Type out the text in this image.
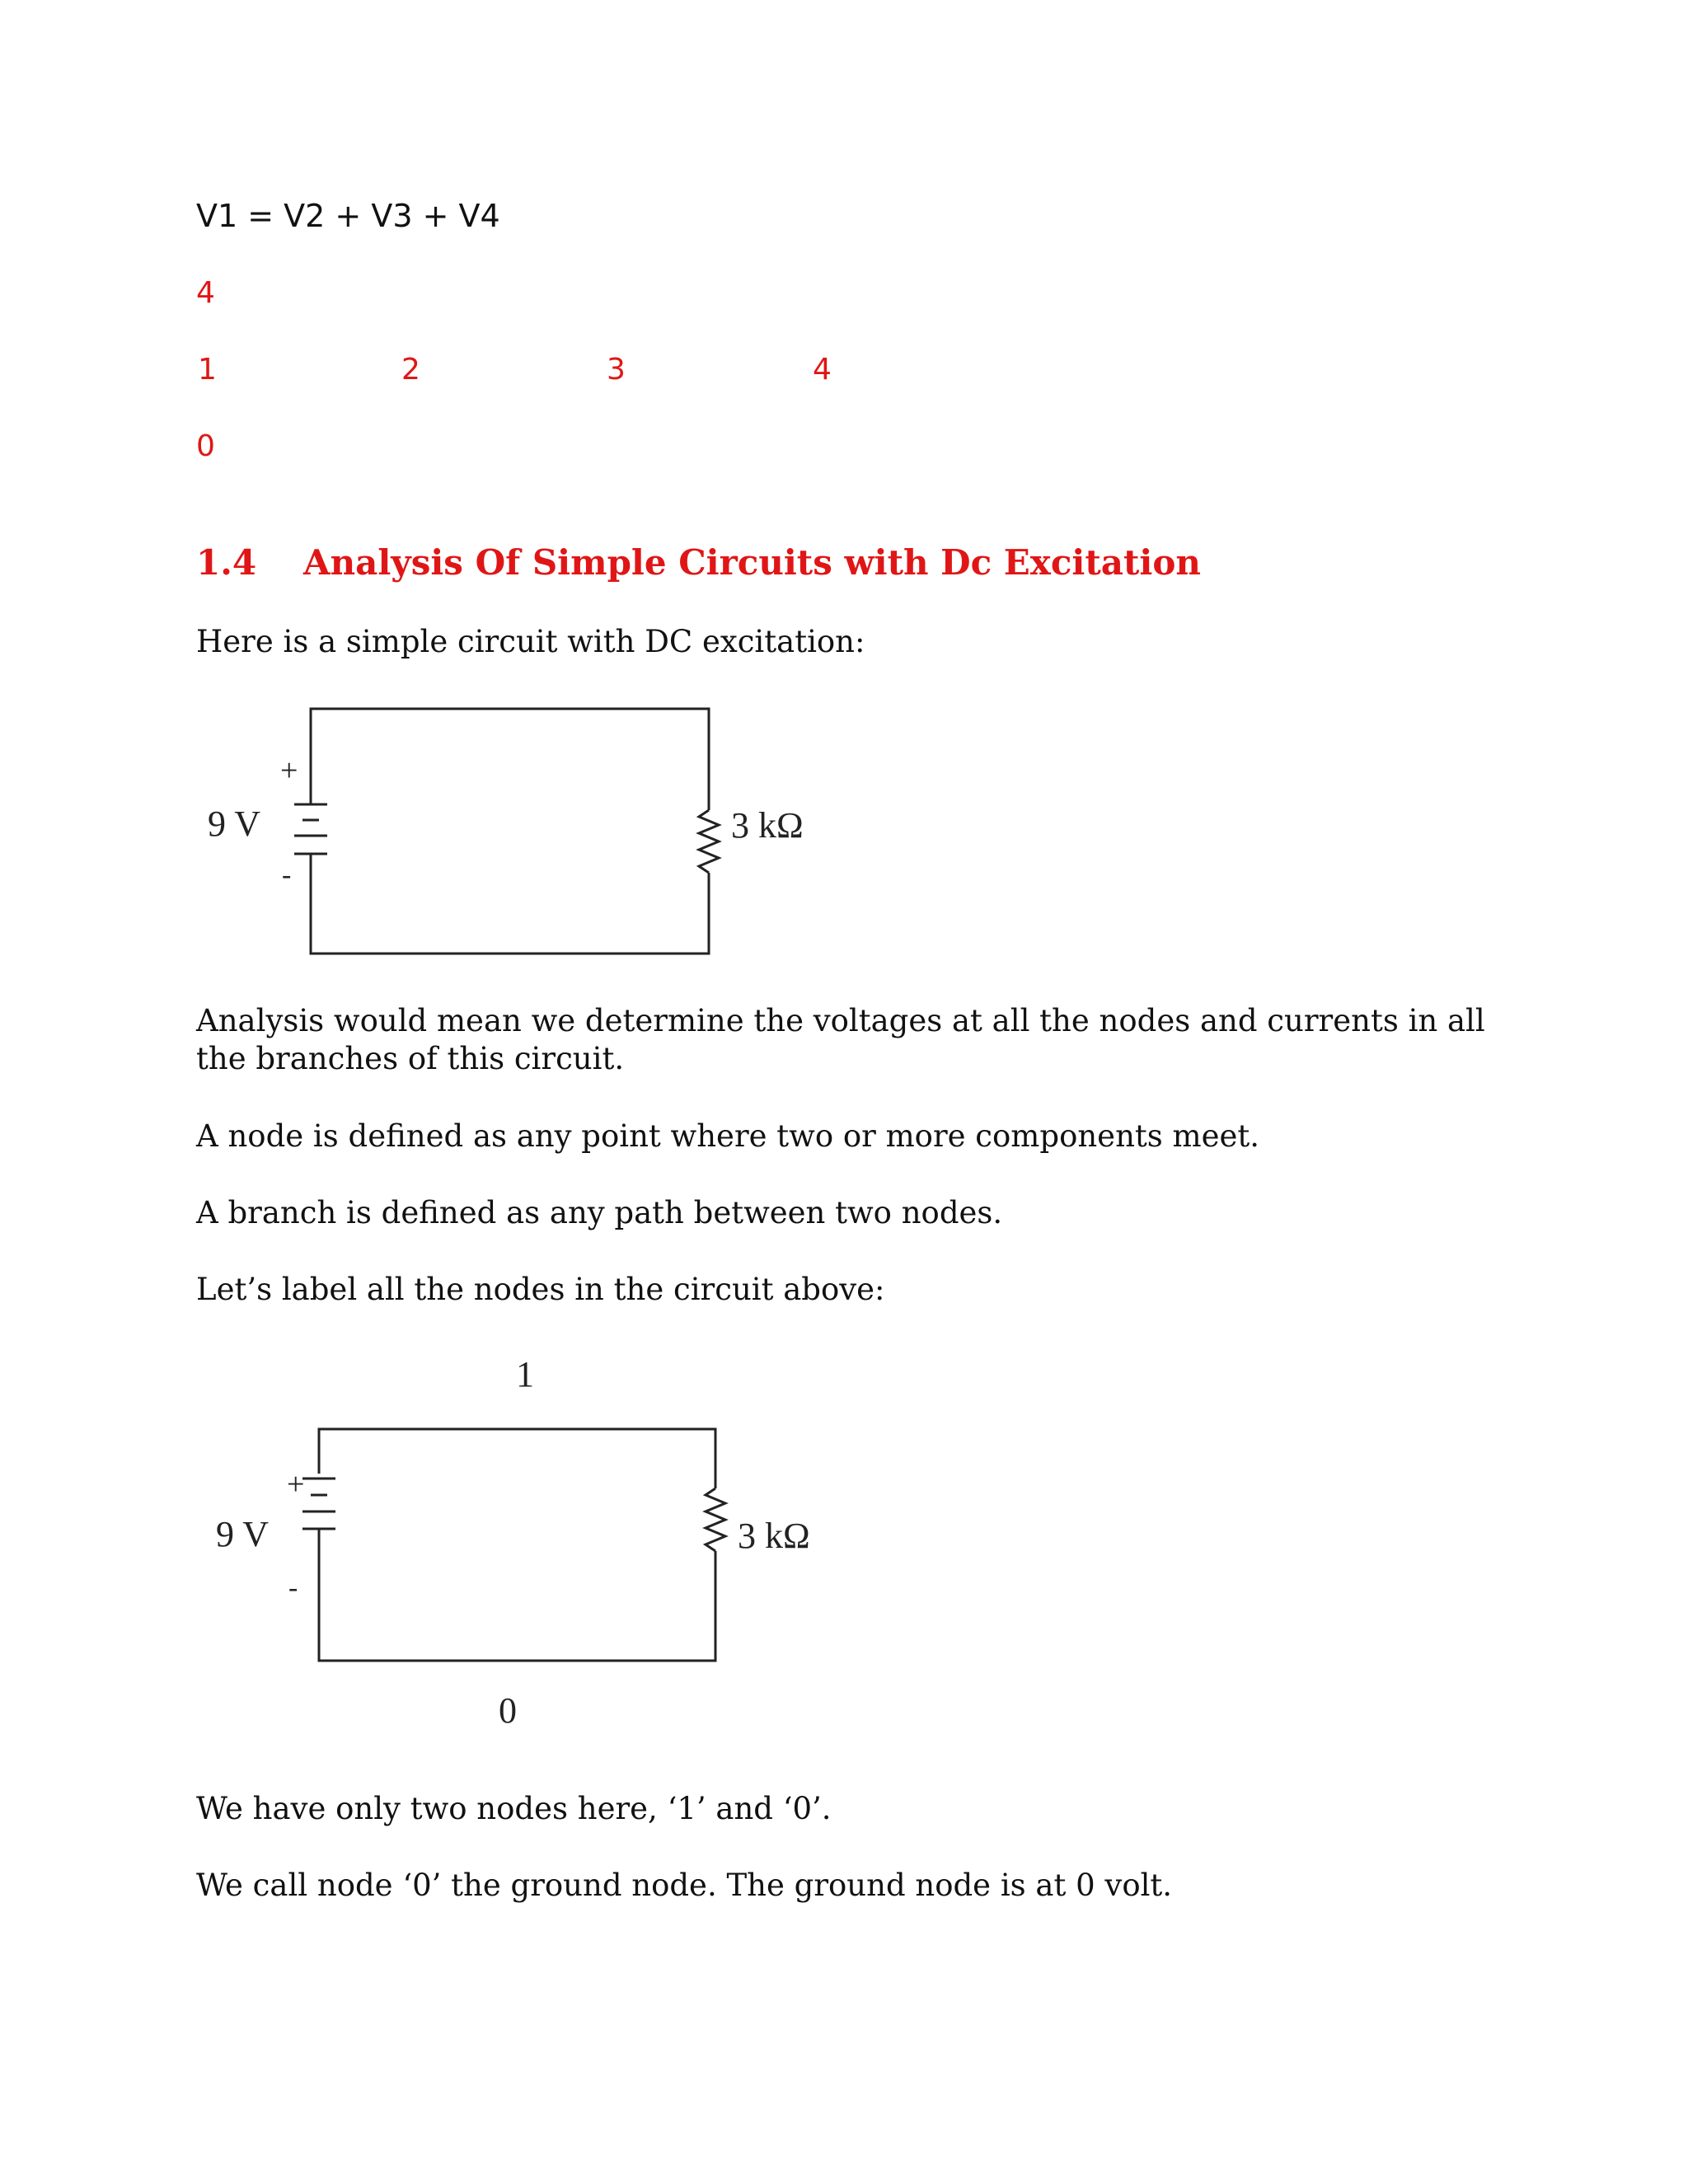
V1 = V2 + V3 + V4
4
1	2	3	4
0
1.4 Analysis Of Simple Circuits with Dc Excitation
Here is a simple circuit with DC excitation:
+
-
9 V	3 kΩ
Analysis would mean we determine the voltages at all the nodes and currents in all
the branches of this circuit.
A node is defined as any point where two or more components meet.
A branch is defined as any path between two nodes.
Let’s label all the nodes in the circuit above:
1
+
-
9 V	3 kΩ
0
We have only two nodes here, ‘1’ and ‘0’.
We call node ‘0’ the ground node. The ground node is at 0 volt.
